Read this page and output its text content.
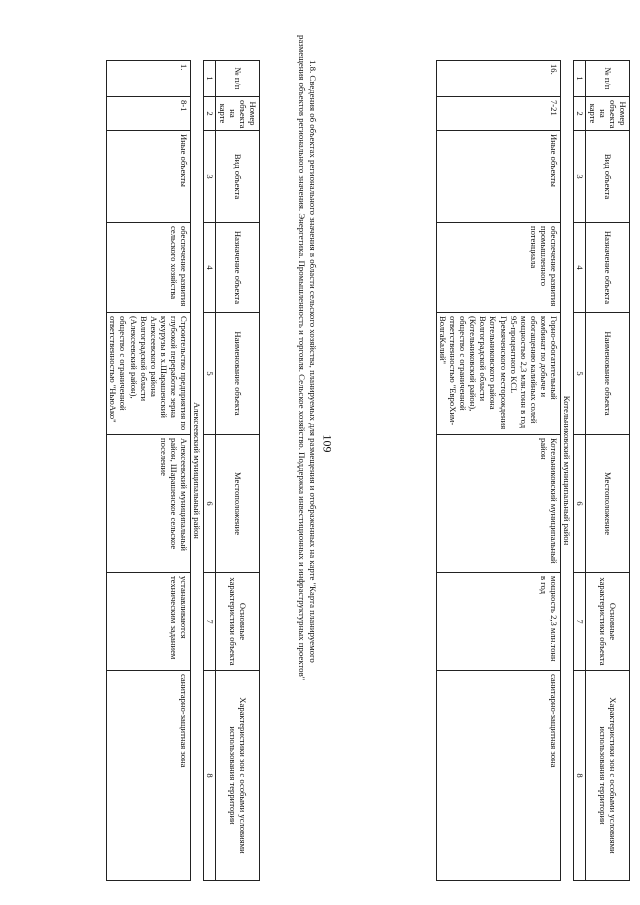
109
№ п/п	Номер объекта на карте	Вид объекта	Назначение объекта	Наименование объекта	Местоположение	Основные характеристики объекта	Характеристики зон с особыми условиями использования территории
1	2	3	4	5	6	7	8
Котельниковский муниципальный район							
16.	7-21	Иные объекты	обеспечение развития промышленного потенциала	Горно-обогатительный комбинат по добыче и обогащению калийных солей мощностью 2,3 млн.тонн в год 95-процентного KCL Гремяченского месторождения Котельниковского района Волгоградской области (Котельниковский район), общество с ограниченной ответственностью "ЕвроХим-ВолгаКалий"	Котельниковский муниципальный район	мощность 2,3 млн.тонн в год	санитарно-защитная зона
1.8. Сведения об объектах регионального значения в области сельского хозяйства, планируемых для размещения и отображенных на карте "Карта планируемого
размещения объектов регионального значения. Энергетика. Промышленность и торговля. Сельское хозяйство. Поддержка инвестиционных и инфраструктурных проектов"
№ п/п	Номер объекта на карте	Вид объекта	Назначение объекта	Наименование объекта	Местоположение	Основные характеристики объекта	Характеристики зон с особыми условиями использования территории
1	2	3	4	5	6	7	8
Алексеевский муниципальный район							
1.	8-1	Иные объекты	обеспечение развития сельского хозяйства	Строительство предприятия по глубокой переработке зерна кукурузы в х.Шарашенский Алексеевского района Волгоградской области (Алексеевский район), общество с ограниченной ответственностью "НьюАко"	Алексеевский муниципальный район, Шарашенское сельское поселение	устанавливаются техническим заданием	санитарно-защитная зона
